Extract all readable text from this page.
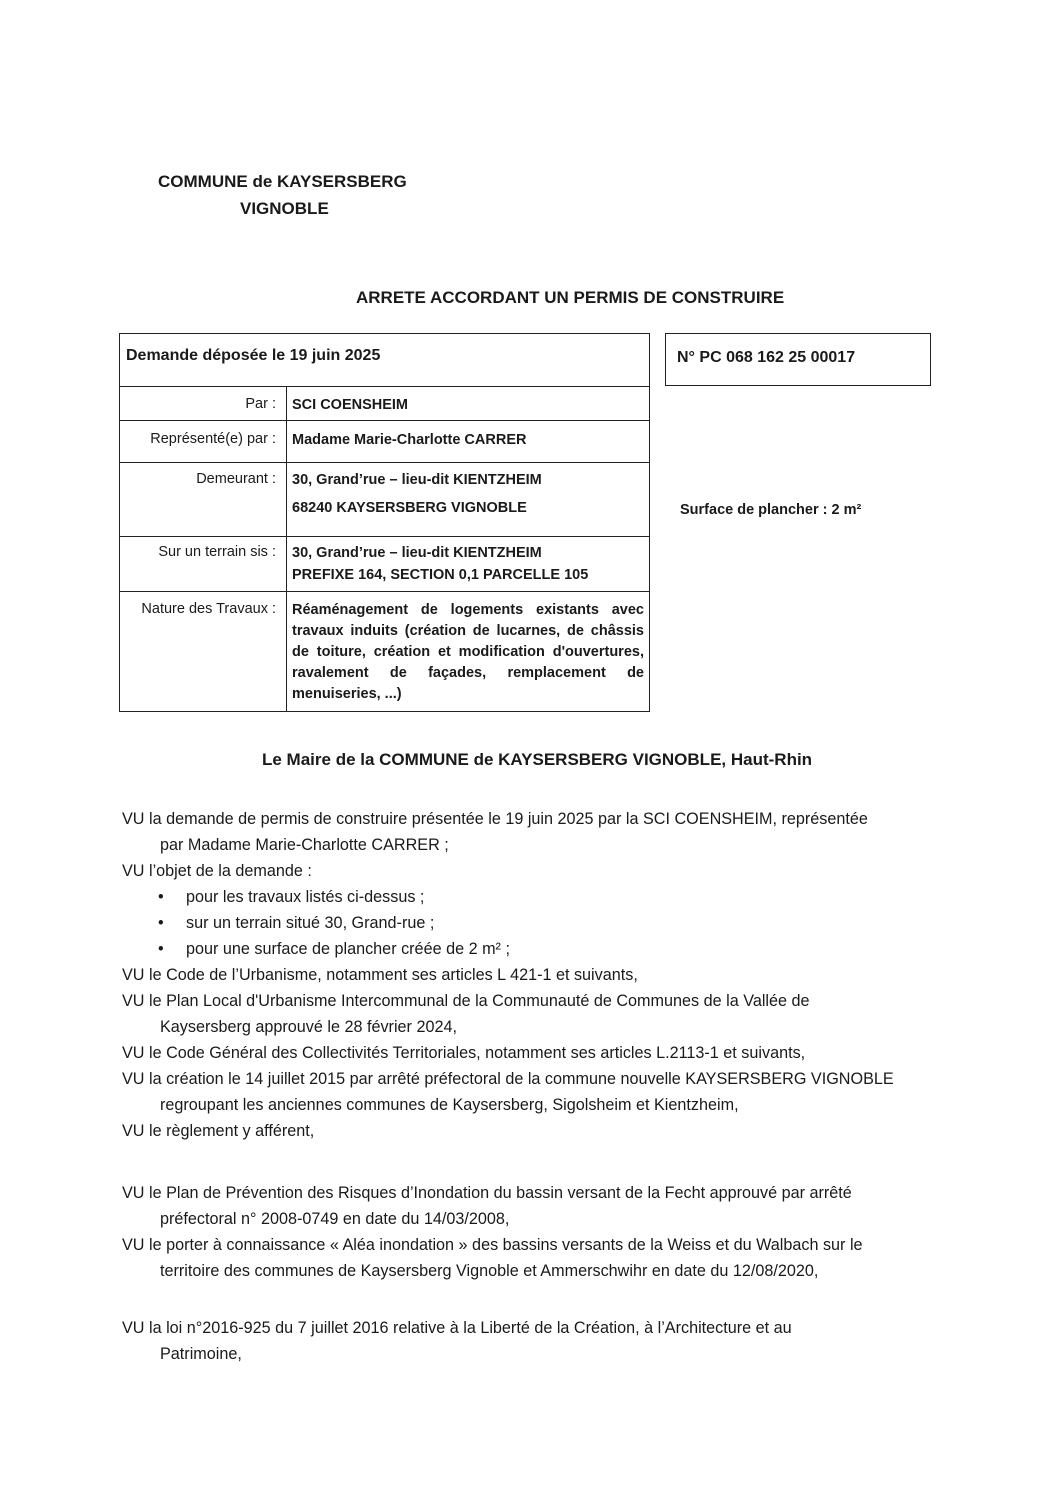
COMMUNE de KAYSERSBERG
VIGNOBLE
ARRETE ACCORDANT UN PERMIS DE CONSTRUIRE
Demande déposée le 19 juin 2025
Par : SCI COENSHEIM
Représenté(e) par : Madame Marie-Charlotte CARRER
Demeurant : 30, Grand’rue – lieu-dit KIENTZHEIM
68240 KAYSERSBERG VIGNOBLE
Sur un terrain sis : 30, Grand’rue – lieu-dit KIENTZHEIM
PREFIXE 164, SECTION 0,1 PARCELLE 105
Nature des Travaux : Réaménagement de logements existants avec travaux induits (création de lucarnes, de châssis de toiture, création et modification d'ouvertures, ravalement de façades, remplacement de menuiseries, ...)
N° PC 068 162 25 00017
Surface de plancher : 2 m²
Le Maire de la COMMUNE de KAYSERSBERG VIGNOBLE, Haut-Rhin
VU la demande de permis de construire présentée le 19 juin 2025 par la SCI COENSHEIM, représentée
par Madame Marie-Charlotte CARRER ;
VU l’objet de la demande :
• pour les travaux listés ci-dessus ;
• sur un terrain situé 30, Grand-rue ;
• pour une surface de plancher créée de 2 m² ;
VU le Code de l’Urbanisme, notamment ses articles L 421-1 et suivants,
VU le Plan Local d'Urbanisme Intercommunal de la Communauté de Communes de la Vallée de
Kaysersberg approuvé le 28 février 2024,
VU le Code Général des Collectivités Territoriales, notamment ses articles L.2113-1 et suivants,
VU la création le 14 juillet 2015 par arrêté préfectoral de la commune nouvelle KAYSERSBERG VIGNOBLE
regroupant les anciennes communes de Kaysersberg, Sigolsheim et Kientzheim,
VU le règlement y afférent,
VU le Plan de Prévention des Risques d’Inondation du bassin versant de la Fecht approuvé par arrêté
préfectoral n° 2008-0749 en date du 14/03/2008,
VU le porter à connaissance « Aléa inondation » des bassins versants de la Weiss et du Walbach sur le
territoire des communes de Kaysersberg Vignoble et Ammerschwihr en date du 12/08/2020,
VU la loi n°2016-925 du 7 juillet 2016 relative à la Liberté de la Création, à l’Architecture et au
Patrimoine,
